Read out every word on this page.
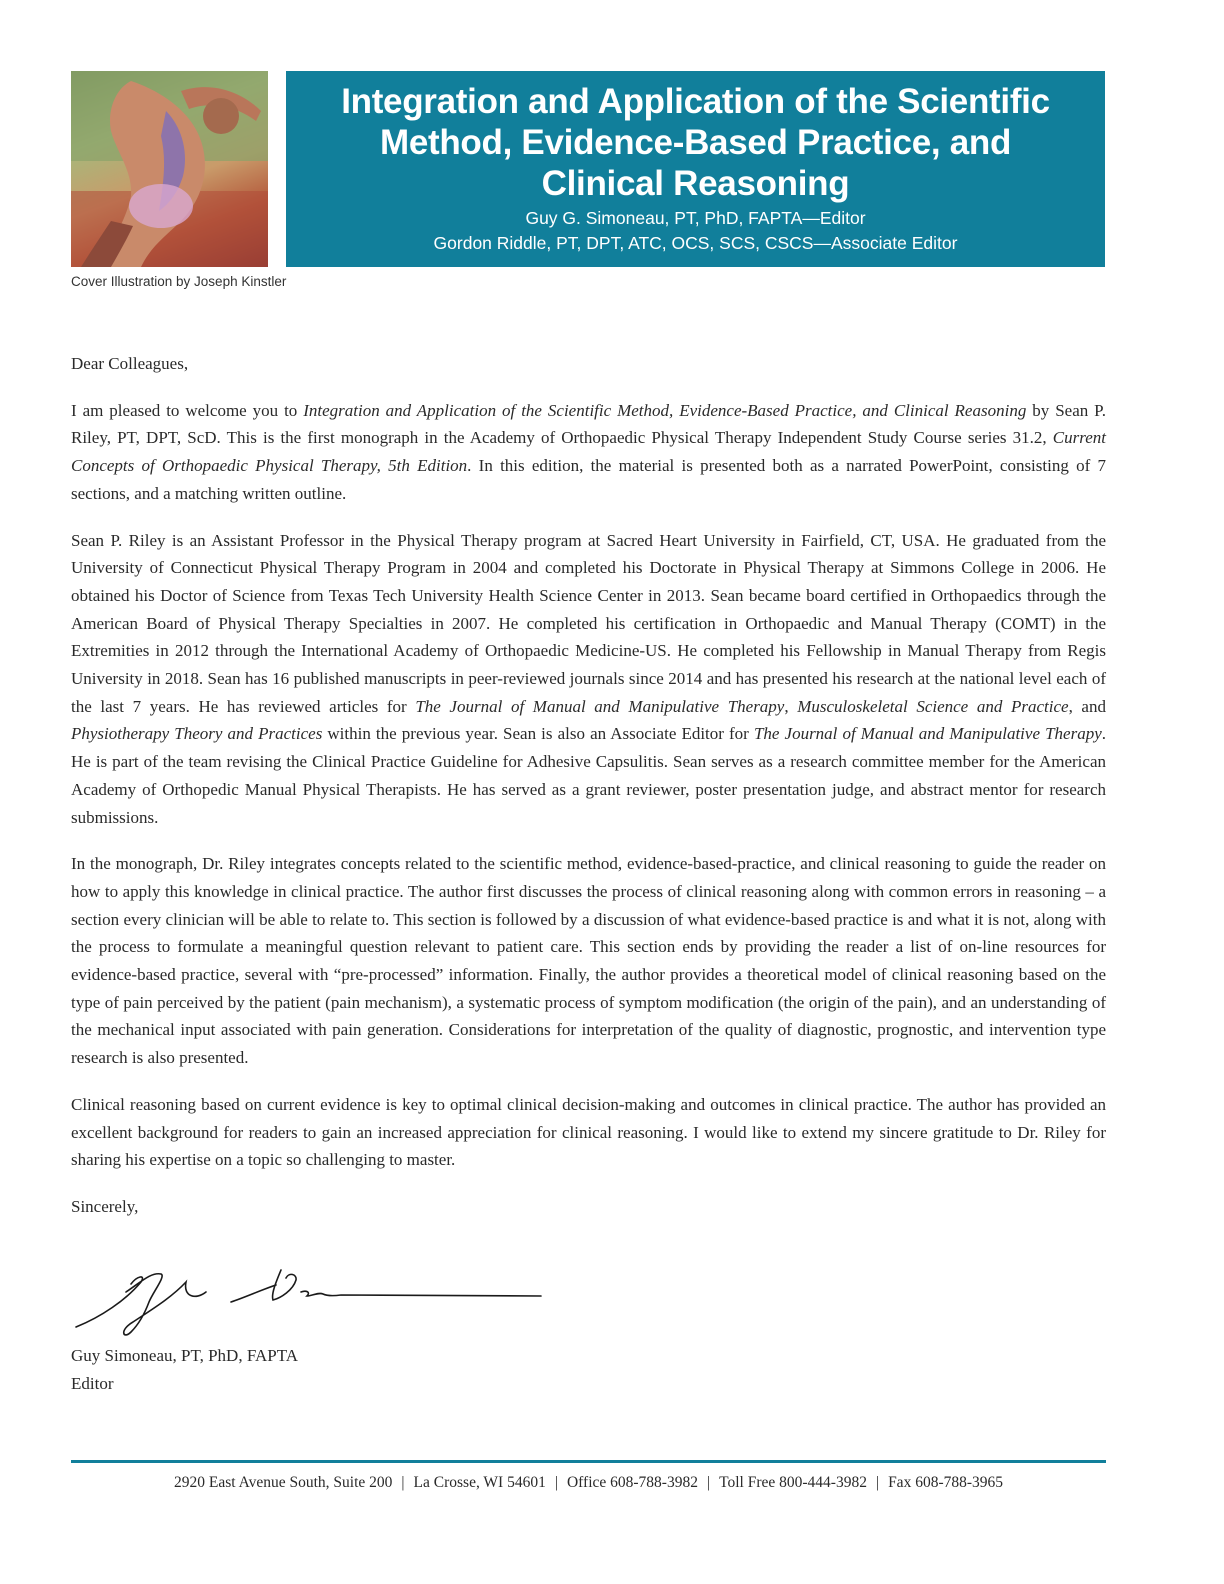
Cover Illustration by Joseph Kinstler
Integration and Application of the Scientific Method, Evidence-Based Practice, and Clinical Reasoning
Guy G. Simoneau, PT, PhD, FAPTA—Editor
Gordon Riddle, PT, DPT, ATC, OCS, SCS, CSCS—Associate Editor

Dear Colleagues,

I am pleased to welcome you to Integration and Application of the Scientific Method, Evidence-Based Practice, and Clinical Reasoning by Sean P. Riley, PT, DPT, ScD. This is the first monograph in the Academy of Orthopaedic Physical Therapy Independent Study Course series 31.2, Current Concepts of Orthopaedic Physical Therapy, 5th Edition. In this edition, the material is presented both as a narrated PowerPoint, consisting of 7 sections, and a matching written outline.

Sean P. Riley is an Assistant Professor in the Physical Therapy program at Sacred Heart University in Fairfield, CT, USA. He graduated from the University of Connecticut Physical Therapy Program in 2004 and completed his Doctorate in Physical Therapy at Simmons College in 2006. He obtained his Doctor of Science from Texas Tech University Health Science Center in 2013. Sean became board certified in Orthopaedics through the American Board of Physical Therapy Specialties in 2007. He completed his certification in Orthopaedic and Manual Therapy (COMT) in the Extremities in 2012 through the International Academy of Orthopaedic Medicine-US. He completed his Fellowship in Manual Therapy from Regis University in 2018. Sean has 16 published manuscripts in peer-reviewed journals since 2014 and has presented his research at the national level each of the last 7 years. He has reviewed articles for The Journal of Manual and Manipulative Therapy, Musculoskeletal Science and Practice, and Physiotherapy Theory and Practices within the previous year. Sean is also an Associate Editor for The Journal of Manual and Manipulative Therapy. He is part of the team revising the Clinical Practice Guideline for Adhesive Capsulitis. Sean serves as a research committee member for the American Academy of Orthopedic Manual Physical Therapists. He has served as a grant reviewer, poster presentation judge, and abstract mentor for research submissions.

In the monograph, Dr. Riley integrates concepts related to the scientific method, evidence-based-practice, and clinical reasoning to guide the reader on how to apply this knowledge in clinical practice. The author first discusses the process of clinical reasoning along with common errors in reasoning – a section every clinician will be able to relate to. This section is followed by a discussion of what evidence-based practice is and what it is not, along with the process to formulate a meaningful question relevant to patient care. This section ends by providing the reader a list of on-line resources for evidence-based practice, several with “pre-processed” information. Finally, the author provides a theoretical model of clinical reasoning based on the type of pain perceived by the patient (pain mechanism), a systematic process of symptom modification (the origin of the pain), and an understanding of the mechanical input associated with pain generation. Considerations for interpretation of the quality of diagnostic, prognostic, and intervention type research is also presented.

Clinical reasoning based on current evidence is key to optimal clinical decision-making and outcomes in clinical practice. The author has provided an excellent background for readers to gain an increased appreciation for clinical reasoning. I would like to extend my sincere gratitude to Dr. Riley for sharing his expertise on a topic so challenging to master.

Sincerely,

Guy Simoneau, PT, PhD, FAPTA
Editor
2920 East Avenue South, Suite 200 | La Crosse, WI 54601 | Office 608-788-3982 | Toll Free 800-444-3982 | Fax 608-788-3965
